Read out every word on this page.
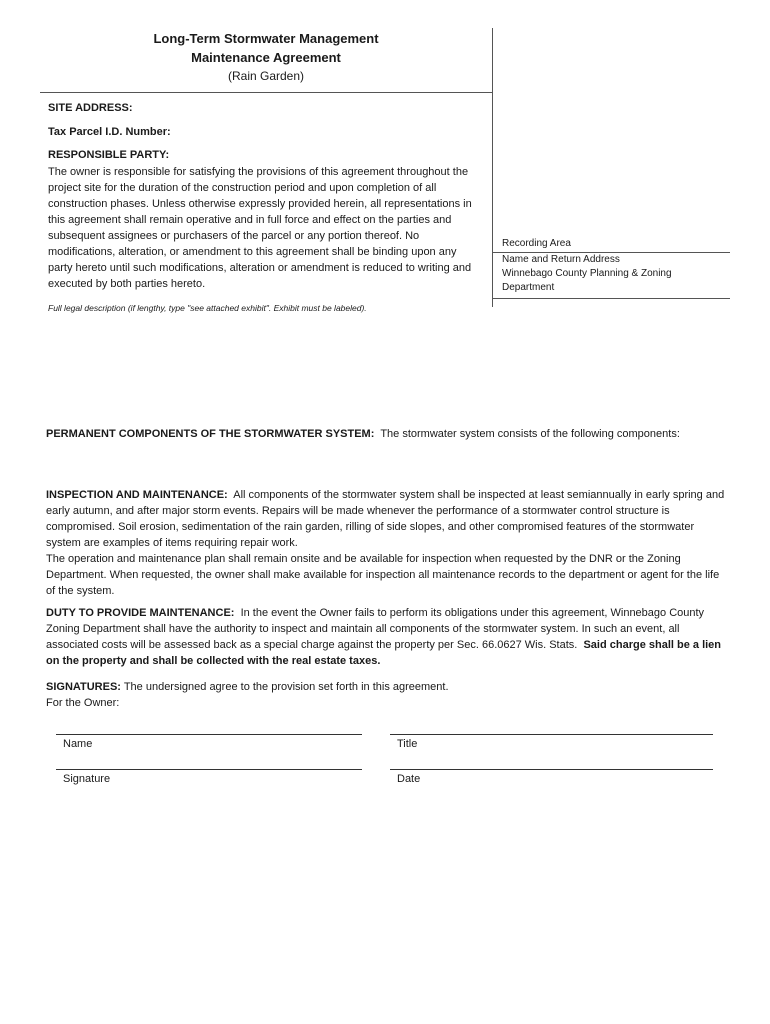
Long-Term Stormwater Management
Maintenance Agreement
(Rain Garden)
SITE ADDRESS:
Tax Parcel I.D. Number:
RESPONSIBLE PARTY:
The owner is responsible for satisfying the provisions of this agreement throughout the project site for the duration of the construction period and upon completion of all construction phases. Unless otherwise expressly provided herein, all representations in this agreement shall remain operative and in full force and effect on the parties and subsequent assignees or purchasers of the parcel or any portion thereof. No modifications, alteration, or amendment to this agreement shall be binding upon any party hereto until such modifications, alteration or amendment is reduced to writing and executed by both parties hereto.
Recording Area
Name and Return Address
Winnebago County Planning & Zoning
Department
Full legal description (if lengthy, type "see attached exhibit". Exhibit must be labeled).
PERMANENT COMPONENTS OF THE STORMWATER SYSTEM: The stormwater system consists of the following components:
INSPECTION AND MAINTENANCE: All components of the stormwater system shall be inspected at least semiannually in early spring and early autumn, and after major storm events. Repairs will be made whenever the performance of a stormwater control structure is compromised. Soil erosion, sedimentation of the rain garden, rilling of side slopes, and other compromised features of the stormwater system are examples of items requiring repair work.
The operation and maintenance plan shall remain onsite and be available for inspection when requested by the DNR or the Zoning Department. When requested, the owner shall make available for inspection all maintenance records to the department or agent for the life of the system.
DUTY TO PROVIDE MAINTENANCE: In the event the Owner fails to perform its obligations under this agreement, Winnebago County Zoning Department shall have the authority to inspect and maintain all components of the stormwater system. In such an event, all associated costs will be assessed back as a special charge against the property per Sec. 66.0627 Wis. Stats. Said charge shall be a lien on the property and shall be collected with the real estate taxes.
SIGNATURES: The undersigned agree to the provision set forth in this agreement.
For the Owner:
Name	Title
Signature	Date
